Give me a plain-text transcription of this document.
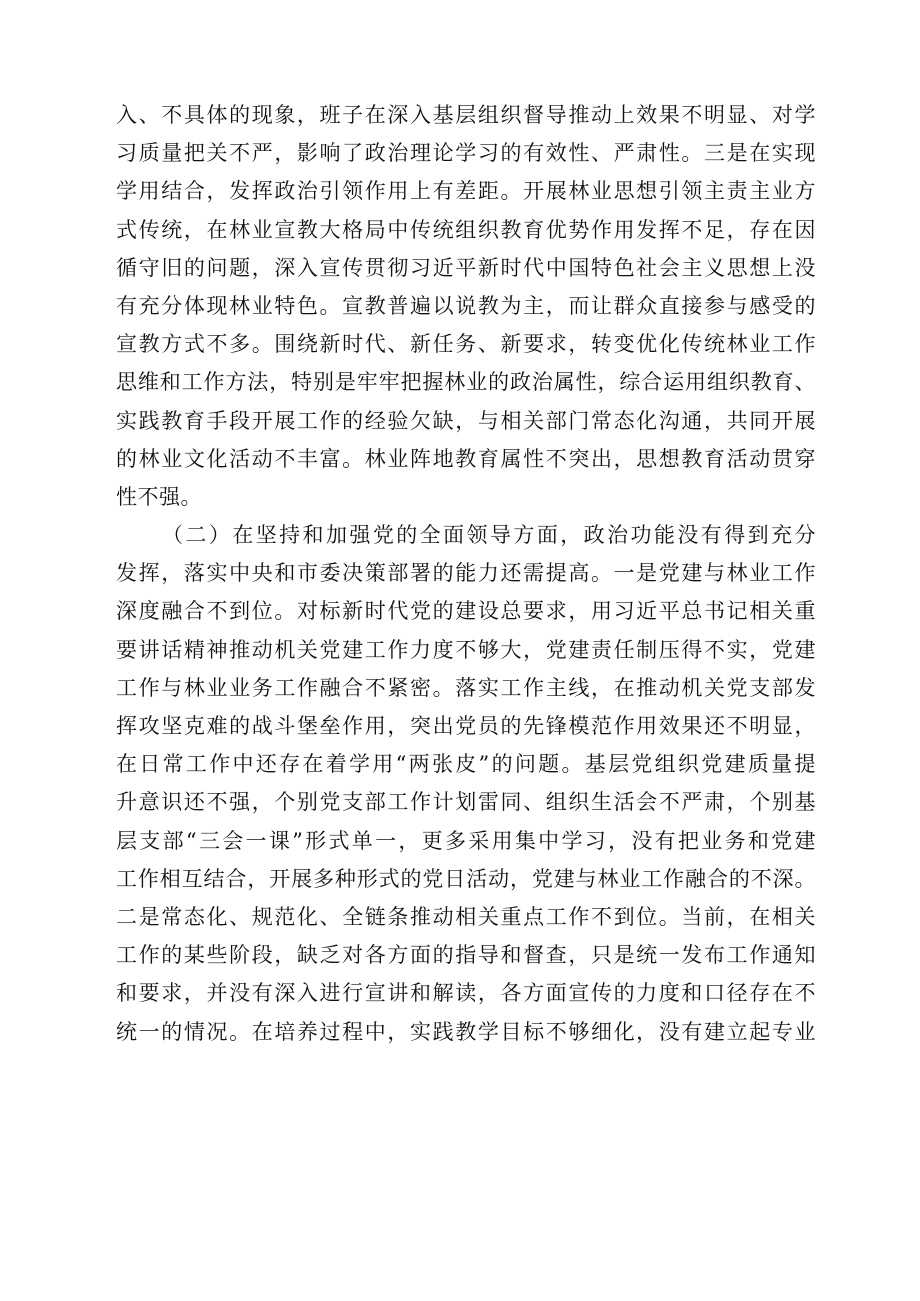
入、不具体的现象，班子在深入基层组织督导推动上效果不明显、对学
习质量把关不严，影响了政治理论学习的有效性、严肃性。三是在实现
学用结合，发挥政治引领作用上有差距。开展林业思想引领主责主业方
式传统，在林业宣教大格局中传统组织教育优势作用发挥不足，存在因
循守旧的问题，深入宣传贯彻习近平新时代中国特色社会主义思想上没
有充分体现林业特色。宣教普遍以说教为主，而让群众直接参与感受的
宣教方式不多。围绕新时代、新任务、新要求，转变优化传统林业工作
思维和工作方法，特别是牢牢把握林业的政治属性，综合运用组织教育、
实践教育手段开展工作的经验欠缺，与相关部门常态化沟通，共同开展
的林业文化活动不丰富。林业阵地教育属性不突出，思想教育活动贯穿
性不强。
（二）在坚持和加强党的全面领导方面，政治功能没有得到充分
发挥，落实中央和市委决策部署的能力还需提高。一是党建与林业工作
深度融合不到位。对标新时代党的建设总要求，用习近平总书记相关重
要讲话精神推动机关党建工作力度不够大，党建责任制压得不实，党建
工作与林业业务工作融合不紧密。落实工作主线，在推动机关党支部发
挥攻坚克难的战斗堡垒作用，突出党员的先锋模范作用效果还不明显，
在日常工作中还存在着学用“两张皮”的问题。基层党组织党建质量提
升意识还不强，个别党支部工作计划雷同、组织生活会不严肃，个别基
层支部“三会一课”形式单一，更多采用集中学习，没有把业务和党建
工作相互结合，开展多种形式的党日活动，党建与林业工作融合的不深。
二是常态化、规范化、全链条推动相关重点工作不到位。当前，在相关
工作的某些阶段，缺乏对各方面的指导和督查，只是统一发布工作通知
和要求，并没有深入进行宣讲和解读，各方面宣传的力度和口径存在不
统一的情况。在培养过程中，实践教学目标不够细化，没有建立起专业
